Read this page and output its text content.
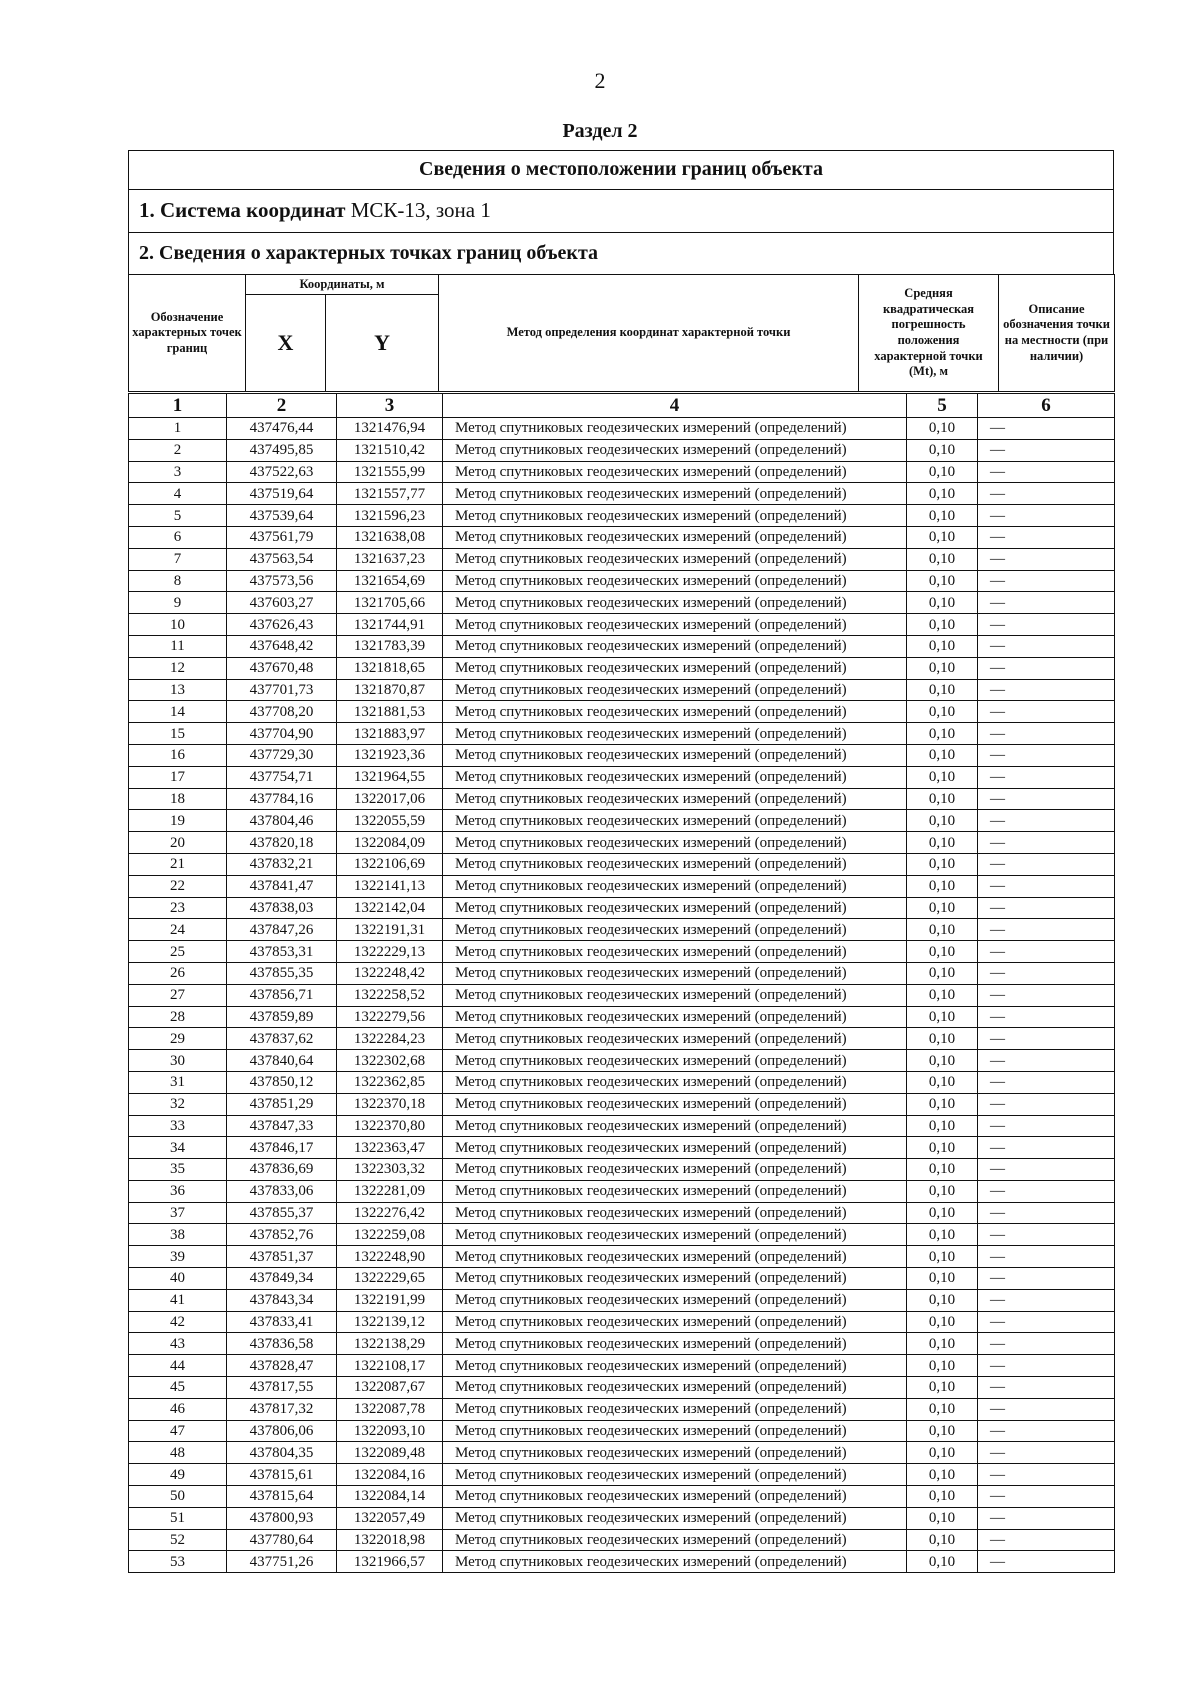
2
Раздел 2
Сведения о местоположении границ объекта
1. Система координат МСК-13, зона 1
2. Сведения о характерных точках границ объекта
Обозначение характерных точек границ	Координаты, м		Метод определения координат характерной точки	Средняя квадратическая погрешность положения характерной точки (Mt), м	Описание обозначения точки на местности (при наличии)
	X	Y			
1	2	3	4	5	6
1	437476,44	1321476,94	Метод спутниковых геодезических измерений (определений)	0,10	—
2	437495,85	1321510,42	Метод спутниковых геодезических измерений (определений)	0,10	—
3	437522,63	1321555,99	Метод спутниковых геодезических измерений (определений)	0,10	—
4	437519,64	1321557,77	Метод спутниковых геодезических измерений (определений)	0,10	—
5	437539,64	1321596,23	Метод спутниковых геодезических измерений (определений)	0,10	—
6	437561,79	1321638,08	Метод спутниковых геодезических измерений (определений)	0,10	—
7	437563,54	1321637,23	Метод спутниковых геодезических измерений (определений)	0,10	—
8	437573,56	1321654,69	Метод спутниковых геодезических измерений (определений)	0,10	—
9	437603,27	1321705,66	Метод спутниковых геодезических измерений (определений)	0,10	—
10	437626,43	1321744,91	Метод спутниковых геодезических измерений (определений)	0,10	—
11	437648,42	1321783,39	Метод спутниковых геодезических измерений (определений)	0,10	—
12	437670,48	1321818,65	Метод спутниковых геодезических измерений (определений)	0,10	—
13	437701,73	1321870,87	Метод спутниковых геодезических измерений (определений)	0,10	—
14	437708,20	1321881,53	Метод спутниковых геодезических измерений (определений)	0,10	—
15	437704,90	1321883,97	Метод спутниковых геодезических измерений (определений)	0,10	—
16	437729,30	1321923,36	Метод спутниковых геодезических измерений (определений)	0,10	—
17	437754,71	1321964,55	Метод спутниковых геодезических измерений (определений)	0,10	—
18	437784,16	1322017,06	Метод спутниковых геодезических измерений (определений)	0,10	—
19	437804,46	1322055,59	Метод спутниковых геодезических измерений (определений)	0,10	—
20	437820,18	1322084,09	Метод спутниковых геодезических измерений (определений)	0,10	—
21	437832,21	1322106,69	Метод спутниковых геодезических измерений (определений)	0,10	—
22	437841,47	1322141,13	Метод спутниковых геодезических измерений (определений)	0,10	—
23	437838,03	1322142,04	Метод спутниковых геодезических измерений (определений)	0,10	—
24	437847,26	1322191,31	Метод спутниковых геодезических измерений (определений)	0,10	—
25	437853,31	1322229,13	Метод спутниковых геодезических измерений (определений)	0,10	—
26	437855,35	1322248,42	Метод спутниковых геодезических измерений (определений)	0,10	—
27	437856,71	1322258,52	Метод спутниковых геодезических измерений (определений)	0,10	—
28	437859,89	1322279,56	Метод спутниковых геодезических измерений (определений)	0,10	—
29	437837,62	1322284,23	Метод спутниковых геодезических измерений (определений)	0,10	—
30	437840,64	1322302,68	Метод спутниковых геодезических измерений (определений)	0,10	—
31	437850,12	1322362,85	Метод спутниковых геодезических измерений (определений)	0,10	—
32	437851,29	1322370,18	Метод спутниковых геодезических измерений (определений)	0,10	—
33	437847,33	1322370,80	Метод спутниковых геодезических измерений (определений)	0,10	—
34	437846,17	1322363,47	Метод спутниковых геодезических измерений (определений)	0,10	—
35	437836,69	1322303,32	Метод спутниковых геодезических измерений (определений)	0,10	—
36	437833,06	1322281,09	Метод спутниковых геодезических измерений (определений)	0,10	—
37	437855,37	1322276,42	Метод спутниковых геодезических измерений (определений)	0,10	—
38	437852,76	1322259,08	Метод спутниковых геодезических измерений (определений)	0,10	—
39	437851,37	1322248,90	Метод спутниковых геодезических измерений (определений)	0,10	—
40	437849,34	1322229,65	Метод спутниковых геодезических измерений (определений)	0,10	—
41	437843,34	1322191,99	Метод спутниковых геодезических измерений (определений)	0,10	—
42	437833,41	1322139,12	Метод спутниковых геодезических измерений (определений)	0,10	—
43	437836,58	1322138,29	Метод спутниковых геодезических измерений (определений)	0,10	—
44	437828,47	1322108,17	Метод спутниковых геодезических измерений (определений)	0,10	—
45	437817,55	1322087,67	Метод спутниковых геодезических измерений (определений)	0,10	—
46	437817,32	1322087,78	Метод спутниковых геодезических измерений (определений)	0,10	—
47	437806,06	1322093,10	Метод спутниковых геодезических измерений (определений)	0,10	—
48	437804,35	1322089,48	Метод спутниковых геодезических измерений (определений)	0,10	—
49	437815,61	1322084,16	Метод спутниковых геодезических измерений (определений)	0,10	—
50	437815,64	1322084,14	Метод спутниковых геодезических измерений (определений)	0,10	—
51	437800,93	1322057,49	Метод спутниковых геодезических измерений (определений)	0,10	—
52	437780,64	1322018,98	Метод спутниковых геодезических измерений (определений)	0,10	—
53	437751,26	1321966,57	Метод спутниковых геодезических измерений (определений)	0,10	—
